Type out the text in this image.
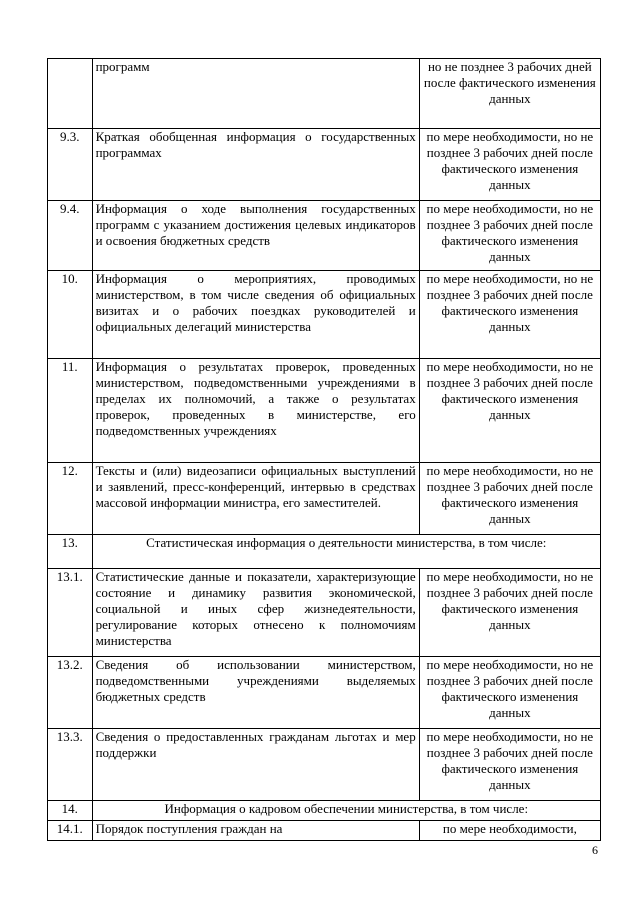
	программ	но не позднее 3 рабочих дней после фактического изменения данных
9.3.	Краткая обобщенная информация о государственных программах	по мере необходимости, но не позднее 3 рабочих дней после фактического изменения данных
9.4.	Информация о ходе выполнения государственных программ с указанием достижения целевых индикаторов и освоения бюджетных средств	по мере необходимости, но не позднее 3 рабочих дней после фактического изменения данных
10.	Информация о мероприятиях, проводимых министерством, в том числе сведения об официальных визитах и о рабочих поездках руководителей и официальных делегаций министерства	по мере необходимости, но не позднее 3 рабочих дней после фактического изменения данных
11.	Информация о результатах проверок, проведенных министерством, подведомственными учреждениями в пределах их полномочий, а также о результатах проверок, проведенных в министерстве, его подведомственных учреждениях	по мере необходимости, но не позднее 3 рабочих дней после фактического изменения данных
12.	Тексты и (или) видеозаписи официальных выступлений и заявлений, пресс-конференций, интервью в средствах массовой информации министра, его заместителей.	по мере необходимости, но не позднее 3 рабочих дней после фактического изменения данных
13.	Статистическая информация о деятельности министерства, в том числе:	
13.1.	Статистические данные и показатели, характеризующие состояние и динамику развития экономической, социальной и иных сфер жизнедеятельности, регулирование которых отнесено к полномочиям министерства	по мере необходимости, но не позднее 3 рабочих дней после фактического изменения данных
13.2.	Сведения об использовании министерством, подведомственными учреждениями выделяемых бюджетных средств	по мере необходимости, но не позднее 3 рабочих дней после фактического изменения данных
13.3.	Сведения о предоставленных гражданам льготах и мер поддержки	по мере необходимости, но не позднее 3 рабочих дней после фактического изменения данных
14.	Информация о кадровом обеспечении министерства, в том числе:	
14.1.	Порядок поступления граждан на	по мере необходимости,
6
